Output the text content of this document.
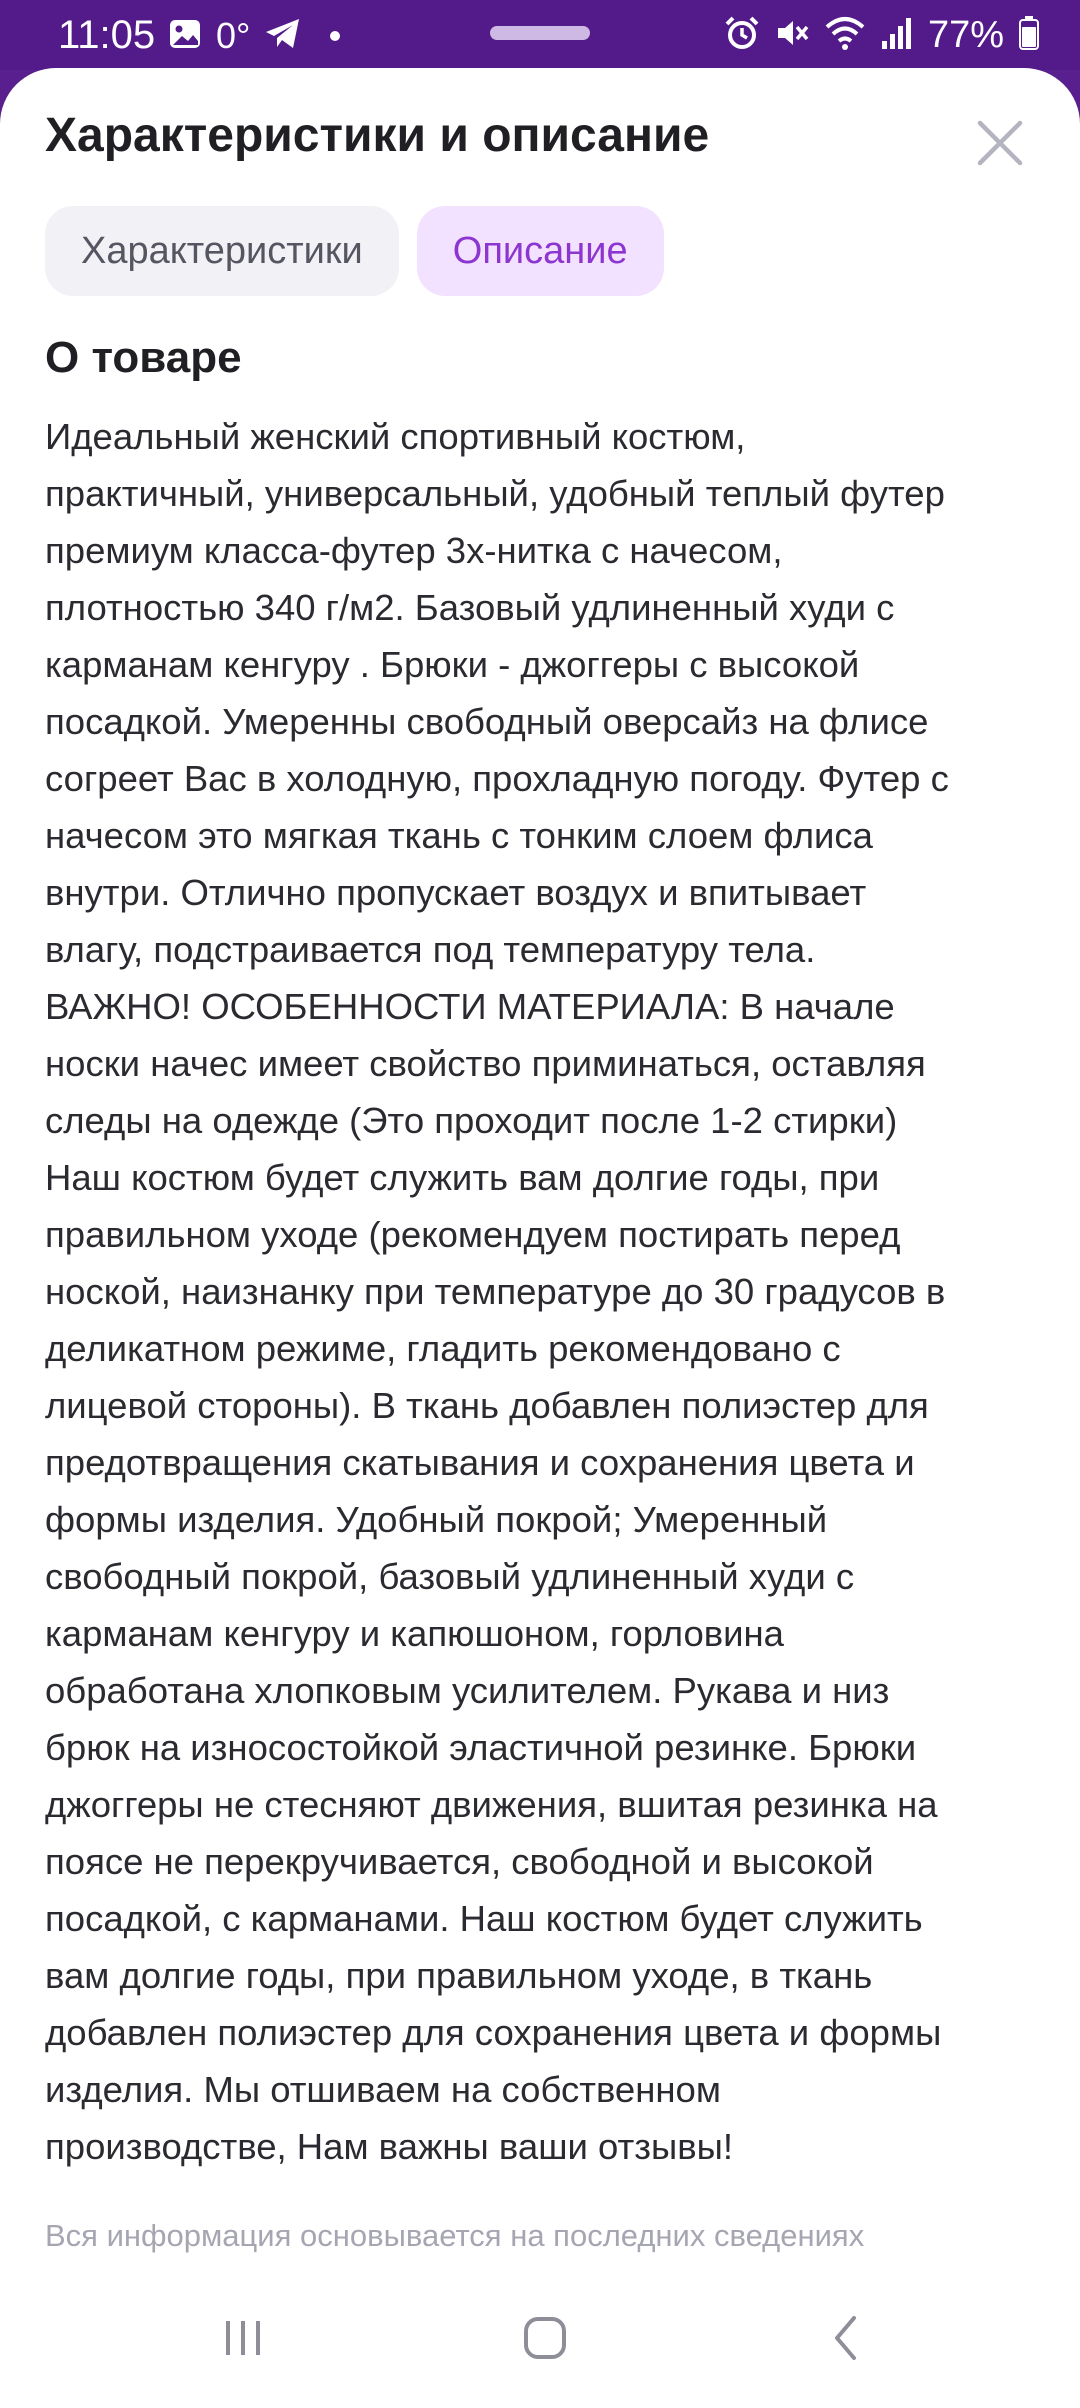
11:05 0°	77%
Характеристики и описание
Характеристики	Описание
О товаре
Идеальный женский спортивный костюм,
практичный, универсальный, удобный теплый футер
премиум класса-футер 3х-нитка с начесом,
плотностью 340 г/м2. Базовый удлиненный худи с
карманам кенгуру . Брюки - джоггеры с высокой
посадкой. Умеренны свободный оверсайз на флисе
согреет Вас в холодную, прохладную погоду. Футер с
начесом это мягкая ткань с тонким слоем флиса
внутри. Отлично пропускает воздух и впитывает
влагу, подстраивается под температуру тела.
ВАЖНО! ОСОБЕННОСТИ МАТЕРИАЛА: В начале
носки начес имеет свойство приминаться, оставляя
следы на одежде (Это проходит после 1-2 стирки)
Наш костюм будет служить вам долгие годы, при
правильном уходе (рекомендуем постирать перед
ноской, наизнанку при температуре до 30 градусов в
деликатном режиме, гладить рекомендовано с
лицевой стороны). В ткань добавлен полиэстер для
предотвращения скатывания и сохранения цвета и
формы изделия. Удобный покрой; Умеренный
свободный покрой, базовый удлиненный худи с
карманам кенгуру и капюшоном, горловина
обработана хлопковым усилителем. Рукава и низ
брюк на износостойкой эластичной резинке. Брюки
джоггеры не стесняют движения, вшитая резинка на
поясе не перекручивается, свободной и высокой
посадкой, с карманами. Наш костюм будет служить
вам долгие годы, при правильном уходе, в ткань
добавлен полиэстер для сохранения цвета и формы
изделия. Мы отшиваем на собственном
производстве, Нам важны ваши отзывы!
Вся информация основывается на последних сведениях
